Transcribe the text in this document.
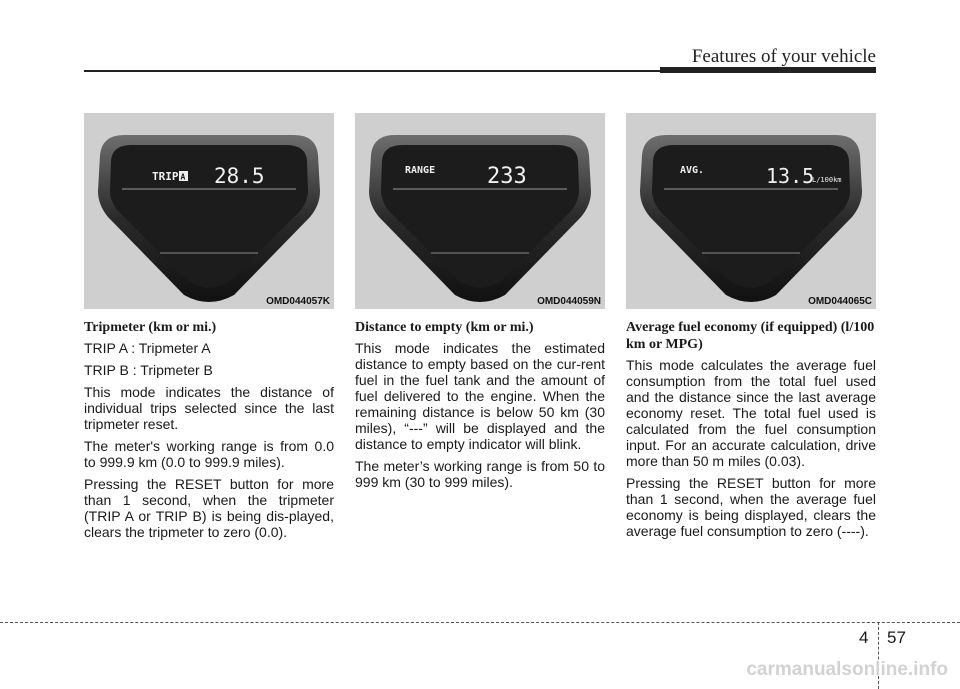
Features of your vehicle
TRIP A 28.5
OMD044057K
Tripmeter (km or mi.)

TRIP A : Tripmeter A

TRIP B : Tripmeter B

This mode indicates the distance of individual trips selected since the last tripmeter reset.

The meter's working range is from 0.0 to 999.9 km (0.0 to 999.9 miles).

Pressing the RESET button for more than 1 second, when the tripmeter (TRIP A or TRIP B) is being dis-played, clears the tripmeter to zero (0.0).

RANGE 233
OMD044059N
Distance to empty (km or mi.)

This mode indicates the estimated distance to empty based on the cur-rent fuel in the fuel tank and the amount of fuel delivered to the engine. When the remaining distance is below 50 km (30 miles), “---” will be displayed and the distance to empty indicator will blink.

The meter’s working range is from 50 to 999 km (30 to 999 miles).

AVG.	13.5
L/100km
OMD044065C
Average fuel economy (if equipped) (l/100 km or MPG)

This mode calculates the average fuel consumption from the total fuel used and the distance since the last average economy reset. The total fuel used is calculated from the fuel consumption input. For an accurate calculation, drive more than 50 m miles (0.03).

Pressing the RESET button for more than 1 second, when the average fuel economy is being displayed, clears the average fuel consumption to zero (----).

4 57
carmanualsonline.info
